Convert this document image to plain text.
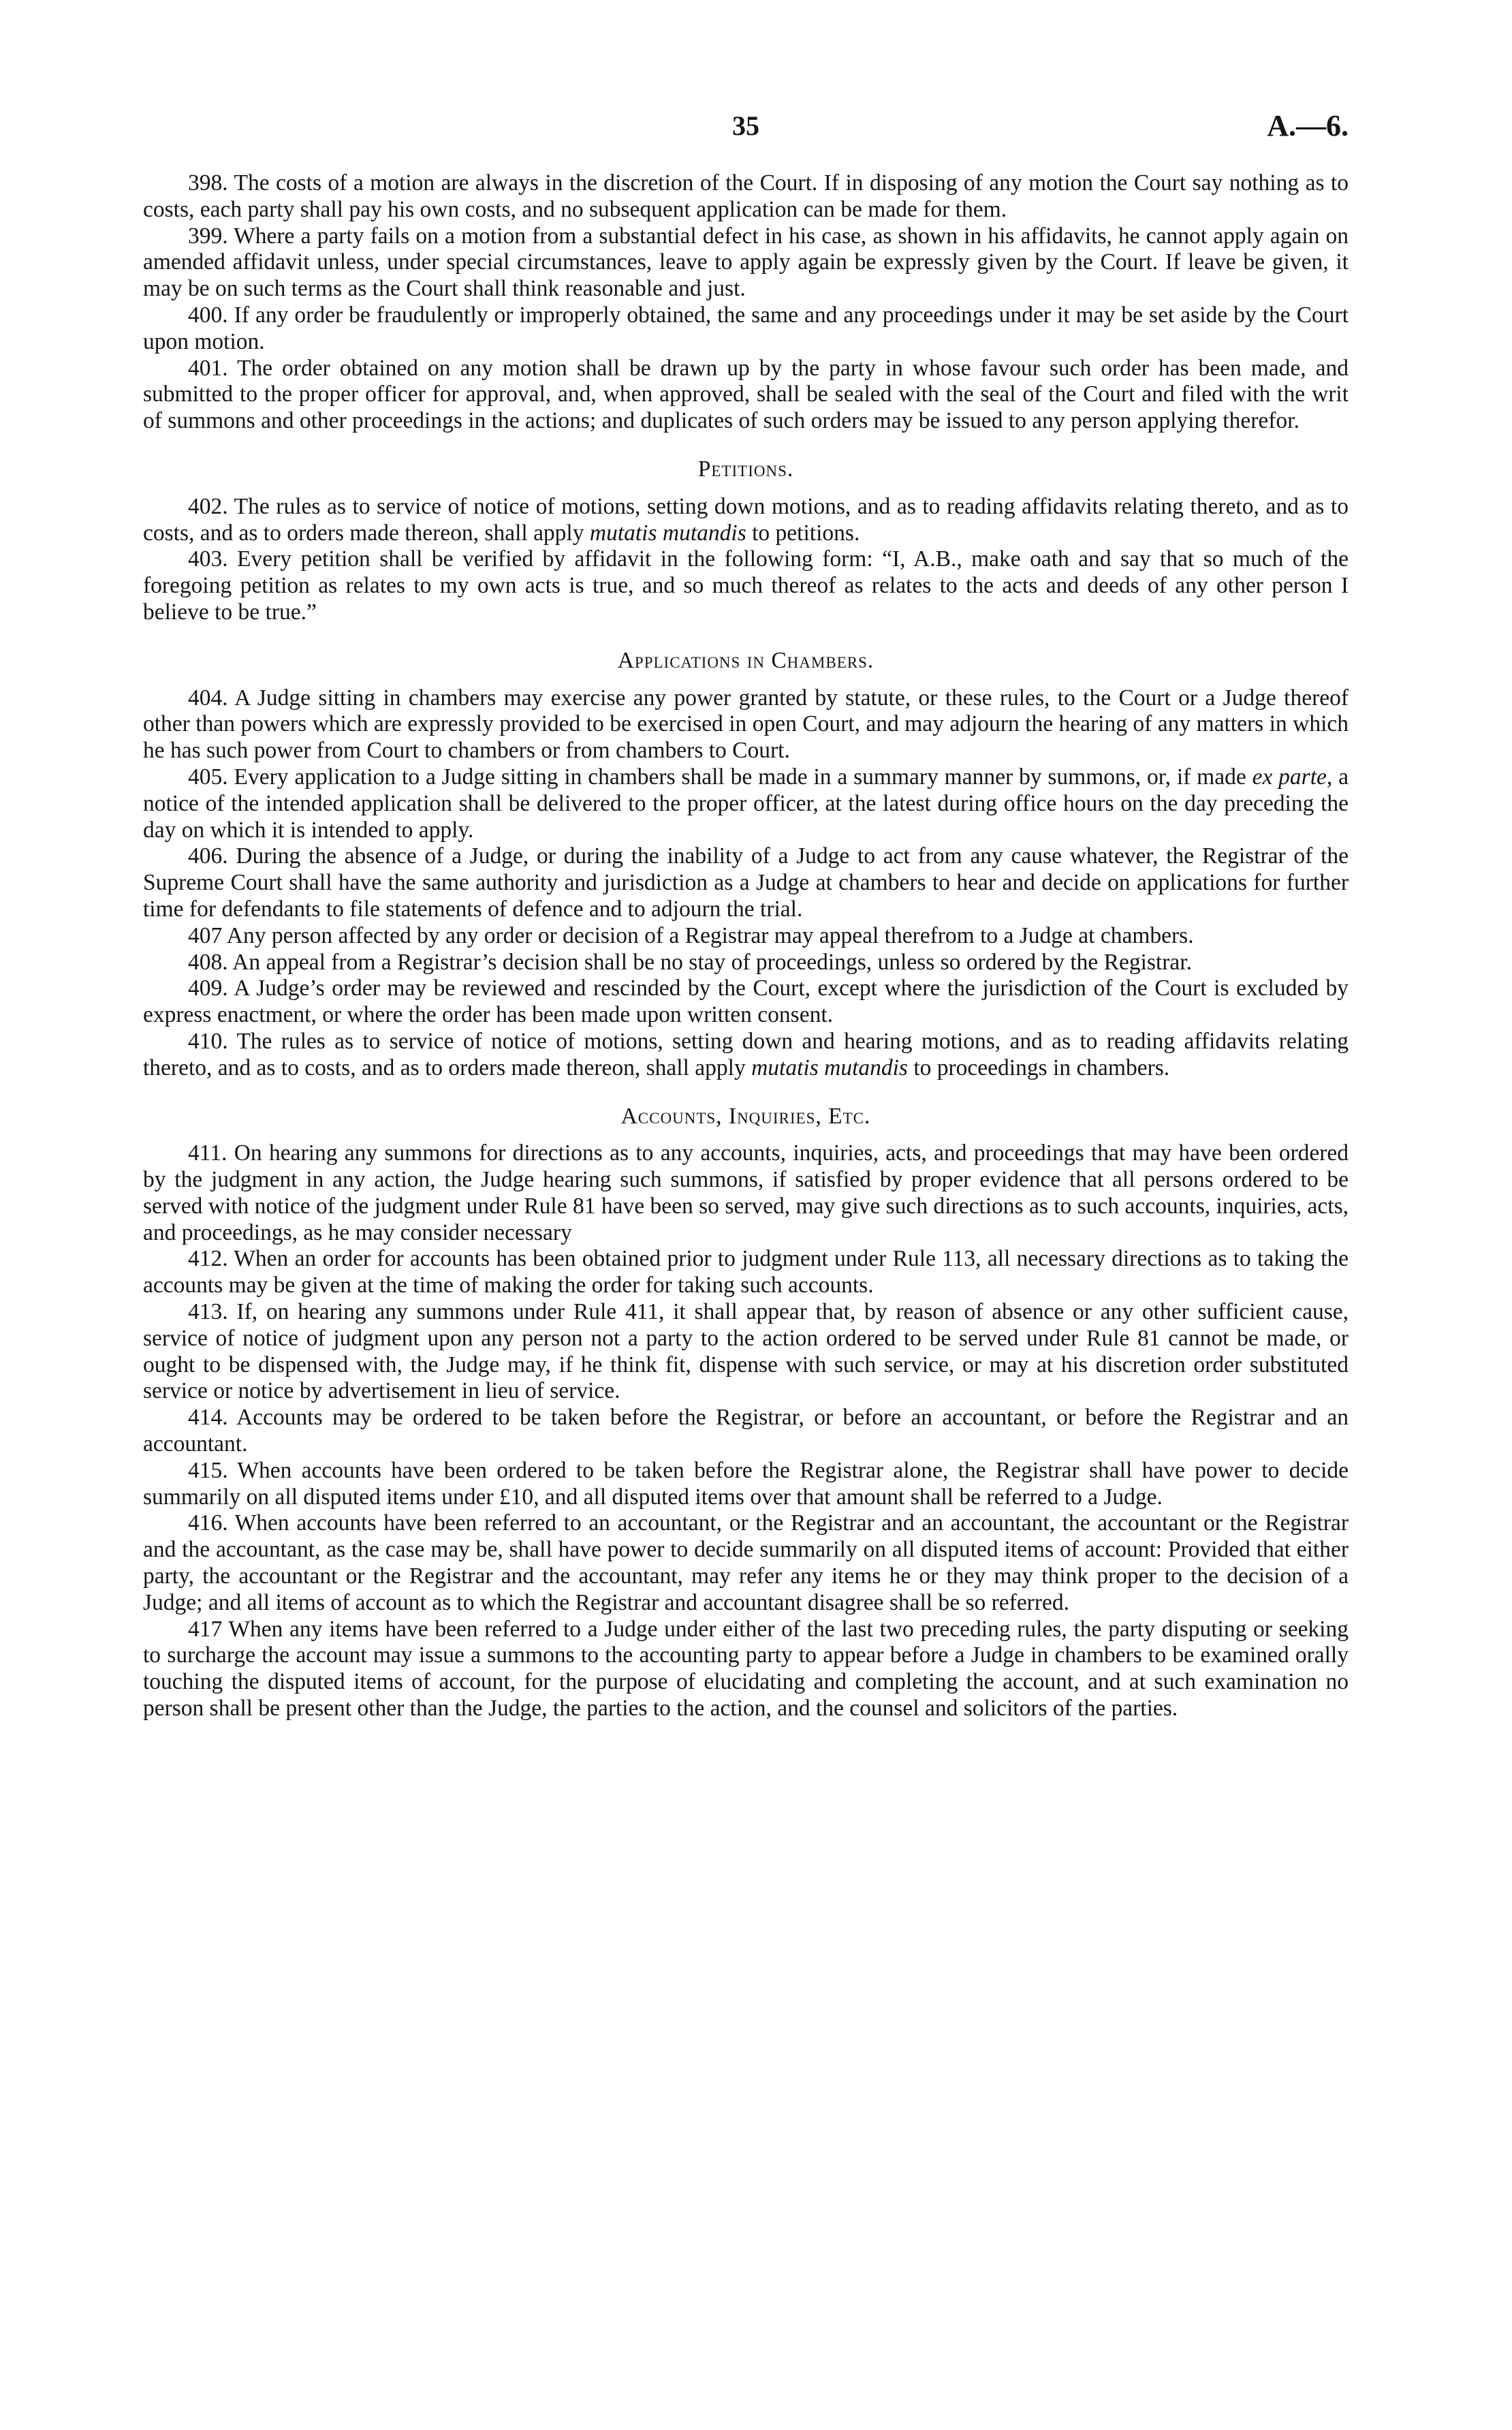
35	A.—6.

398. The costs of a motion are always in the discretion of the Court. If in disposing of any motion the Court say nothing as to costs, each party shall pay his own costs, and no subsequent application can be made for them.

399. Where a party fails on a motion from a substantial defect in his case, as shown in his affidavits, he cannot apply again on amended affidavit unless, under special circumstances, leave to apply again be expressly given by the Court. If leave be given, it may be on such terms as the Court shall think reasonable and just.

400. If any order be fraudulently or improperly obtained, the same and any proceedings under it may be set aside by the Court upon motion.

401. The order obtained on any motion shall be drawn up by the party in whose favour such order has been made, and submitted to the proper officer for approval, and, when approved, shall be sealed with the seal of the Court and filed with the writ of summons and other proceedings in the actions; and duplicates of such orders may be issued to any person applying therefor.

Petitions.

402. The rules as to service of notice of motions, setting down motions, and as to reading affidavits relating thereto, and as to costs, and as to orders made thereon, shall apply mutatis mutandis to petitions.

403. Every petition shall be verified by affidavit in the following form: “I, A.B., make oath and say that so much of the foregoing petition as relates to my own acts is true, and so much thereof as relates to the acts and deeds of any other person I believe to be true.”

Applications in Chambers.

404. A Judge sitting in chambers may exercise any power granted by statute, or these rules, to the Court or a Judge thereof other than powers which are expressly provided to be exercised in open Court, and may adjourn the hearing of any matters in which he has such power from Court to chambers or from chambers to Court.

405. Every application to a Judge sitting in chambers shall be made in a summary manner by summons, or, if made ex parte, a notice of the intended application shall be delivered to the proper officer, at the latest during office hours on the day preceding the day on which it is intended to apply.

406. During the absence of a Judge, or during the inability of a Judge to act from any cause whatever, the Registrar of the Supreme Court shall have the same authority and jurisdiction as a Judge at chambers to hear and decide on applications for further time for defendants to file statements of defence and to adjourn the trial.

407 Any person affected by any order or decision of a Registrar may appeal therefrom to a Judge at chambers.

408. An appeal from a Registrar’s decision shall be no stay of proceedings, unless so ordered by the Registrar.

409. A Judge’s order may be reviewed and rescinded by the Court, except where the jurisdiction of the Court is excluded by express enactment, or where the order has been made upon written consent.

410. The rules as to service of notice of motions, setting down and hearing motions, and as to reading affidavits relating thereto, and as to costs, and as to orders made thereon, shall apply mutatis mutandis to proceedings in chambers.

Accounts, Inquiries, Etc.

411. On hearing any summons for directions as to any accounts, inquiries, acts, and proceedings that may have been ordered by the judgment in any action, the Judge hearing such summons, if satisfied by proper evidence that all persons ordered to be served with notice of the judgment under Rule 81 have been so served, may give such directions as to such accounts, inquiries, acts, and proceedings, as he may consider necessary

412. When an order for accounts has been obtained prior to judgment under Rule 113, all necessary directions as to taking the accounts may be given at the time of making the order for taking such accounts.

413. If, on hearing any summons under Rule 411, it shall appear that, by reason of absence or any other sufficient cause, service of notice of judgment upon any person not a party to the action ordered to be served under Rule 81 cannot be made, or ought to be dispensed with, the Judge may, if he think fit, dispense with such service, or may at his discretion order substituted service or notice by advertisement in lieu of service.

414. Accounts may be ordered to be taken before the Registrar, or before an accountant, or before the Registrar and an accountant.

415. When accounts have been ordered to be taken before the Registrar alone, the Registrar shall have power to decide summarily on all disputed items under £10, and all disputed items over that amount shall be referred to a Judge.

416. When accounts have been referred to an accountant, or the Registrar and an accountant, the accountant or the Registrar and the accountant, as the case may be, shall have power to decide summarily on all disputed items of account: Provided that either party, the accountant or the Registrar and the accountant, may refer any items he or they may think proper to the decision of a Judge; and all items of account as to which the Registrar and accountant disagree shall be so referred.

417 When any items have been referred to a Judge under either of the last two preceding rules, the party disputing or seeking to surcharge the account may issue a summons to the accounting party to appear before a Judge in chambers to be examined orally touching the disputed items of account, for the purpose of elucidating and completing the account, and at such examination no person shall be present other than the Judge, the parties to the action, and the counsel and solicitors of the parties.
